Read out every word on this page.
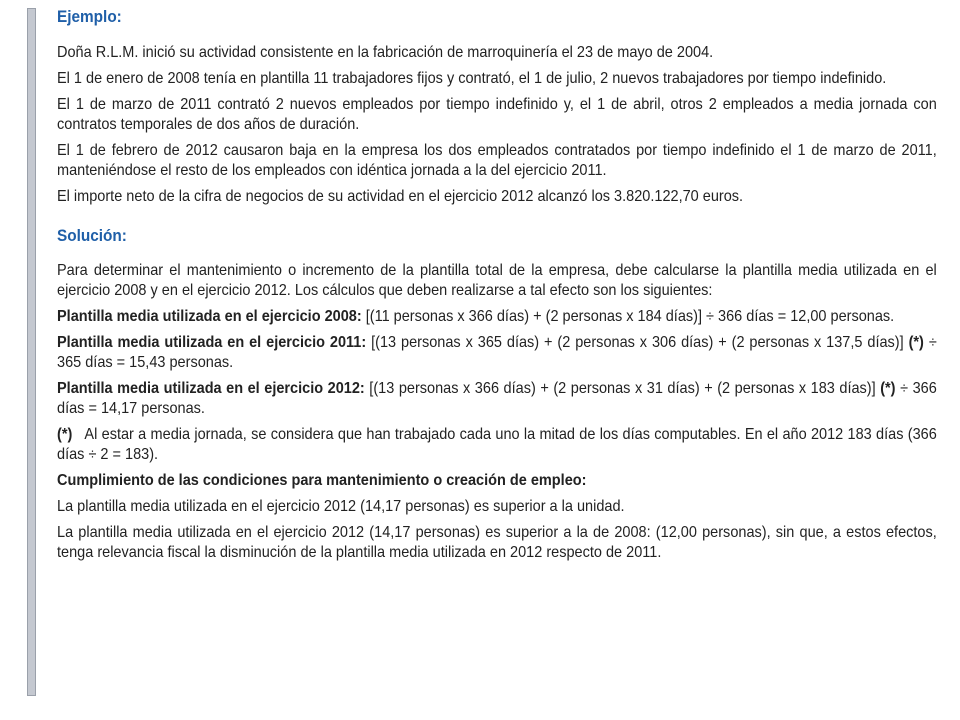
Ejemplo:

Doña R.L.M. inició su actividad consistente en la fabricación de marroquinería el 23 de mayo de 2004.

El 1 de enero de 2008 tenía en plantilla 11 trabajadores fijos y contrató, el 1 de julio, 2 nuevos trabajadores por tiempo indefinido.

El 1 de marzo de 2011 contrató 2 nuevos empleados por tiempo indefinido y, el 1 de abril, otros 2 empleados a media jornada con contratos temporales de dos años de duración.

El 1 de febrero de 2012 causaron baja en la empresa los dos empleados contratados por tiempo indefinido el 1 de marzo de 2011, manteniéndose el resto de los empleados con idéntica jornada a la del ejercicio 2011.

El importe neto de la cifra de negocios de su actividad en el ejercicio 2012 alcanzó los 3.820.122,70 euros.

Solución:

Para determinar el mantenimiento o incremento de la plantilla total de la empresa, debe calcularse la plantilla media utilizada en el ejercicio 2008 y en el ejercicio 2012. Los cálculos que deben realizarse a tal efecto son los siguientes:

Plantilla media utilizada en el ejercicio 2008: [(11 personas x 366 días) + (2 personas x 184 días)] ÷ 366 días = 12,00 personas.

Plantilla media utilizada en el ejercicio 2011: [(13 personas x 365 días) + (2 personas x 306 días) + (2 personas x 137,5 días)] (*) ÷ 365 días = 15,43 personas.

Plantilla media utilizada en el ejercicio 2012: [(13 personas x 366 días) + (2 personas x 31 días) + (2 personas x 183 días)] (*) ÷ 366 días = 14,17 personas.

(*) Al estar a media jornada, se considera que han trabajado cada uno la mitad de los días computables. En el año 2012 183 días (366 días ÷ 2 = 183).

Cumplimiento de las condiciones para mantenimiento o creación de empleo:

La plantilla media utilizada en el ejercicio 2012 (14,17 personas) es superior a la unidad.

La plantilla media utilizada en el ejercicio 2012 (14,17 personas) es superior a la de 2008: (12,00 personas), sin que, a estos efectos, tenga relevancia fiscal la disminución de la plantilla media utilizada en 2012 respecto de 2011.
